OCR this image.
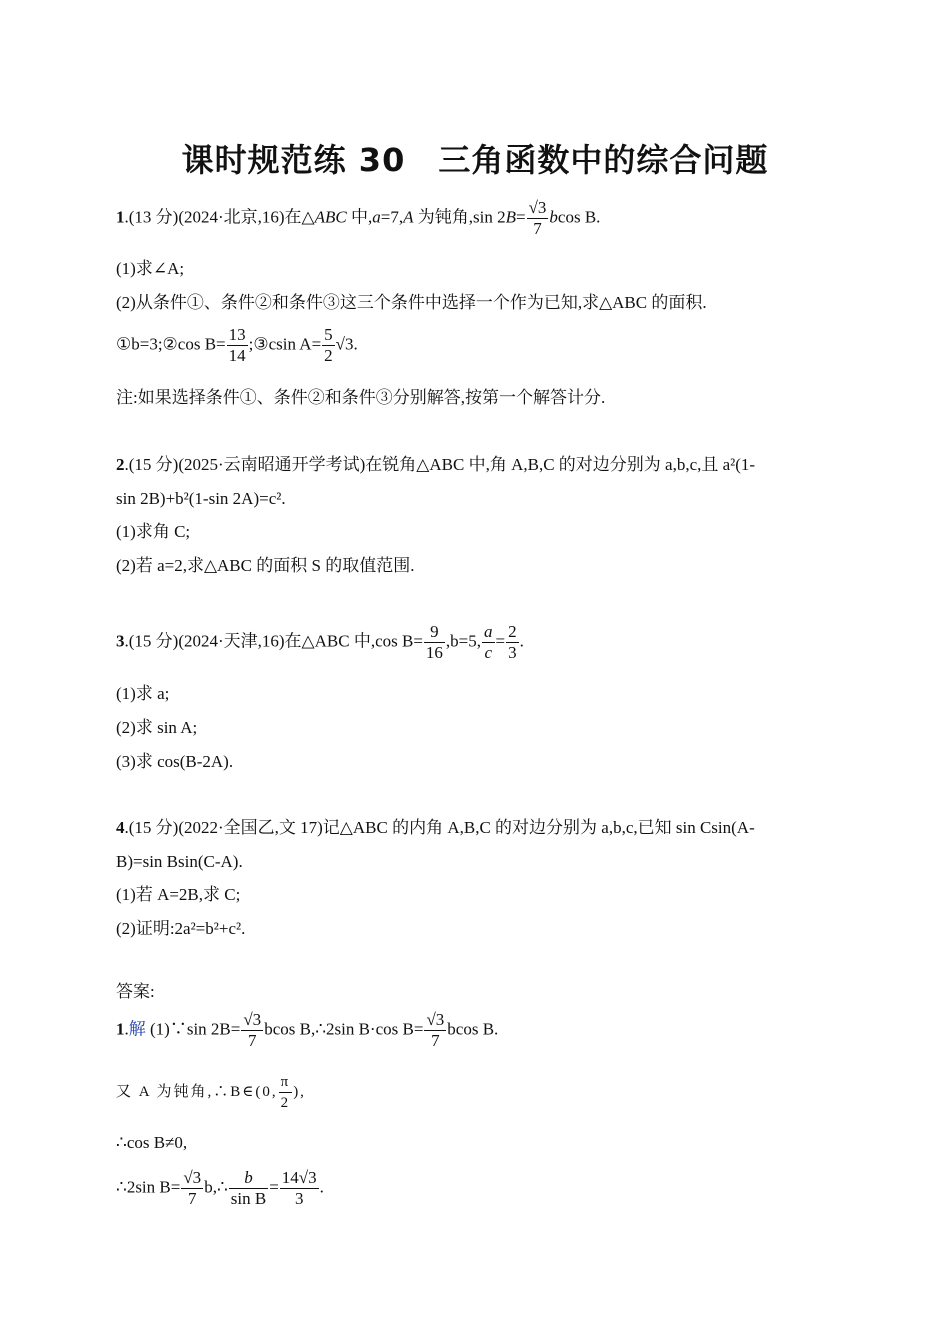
课时规范练 30　三角函数中的综合问题
1.(13 分)(2024·北京,16)在△ABC 中,a=7,A 为钝角,sin $2B= \frac{√3}{7}$ bcos B.
(1)求∠A;
(2)从条件①、条件②和条件③这三个条件中选择一个作为已知,求△ABC 的面积.
①b=3;②cos $B= \frac{13}{14}$ ;③csin $A= \frac{5}{2} √3$.
注:如果选择条件①、条件②和条件③分别解答,按第一个解答计分.
2.(15 分)(2025·云南昭通开学考试)在锐角△ABC 中,角 A,B,C 的对边分别为 a,b,c,且 a²(1-
sin 2B)+b²(1-sin 2A)=c².
(1)求角 C;
(2)若 a=2,求△ABC 的面积 S 的取值范围.
3.(15 分)(2024·天津,16)在△ABC 中,cos $B= \frac{9}{16} ,b=5$, $\frac{a}{c} = \frac{2}{3}$ .
(1)求 a;
(2)求 sin A;
(3)求 cos(B-2A).
4.(15 分)(2022·全国乙,文 17)记△ABC 的内角 A,B,C 的对边分别为 a,b,c,已知 sin Csin(A-
B)=sin Bsin(C-A).
(1)若 A=2B,求 C;
(2)证明:2a²=b²+c².
答案:
1.解 (1)∵sin $2B= \frac{√3}{7}$ bcos B,∴2sin B·cos $B= \frac{√3}{7}$ bcos B.
又 A 为钝角,∴B∈(0, $\frac{\pi}{2}$ ),
∴cos B≠0,
∴2sin $B= \frac{√3}{7}$ b,∴ $\frac{b}{\text{sin B}} = \frac{14√3}{3}$ .
